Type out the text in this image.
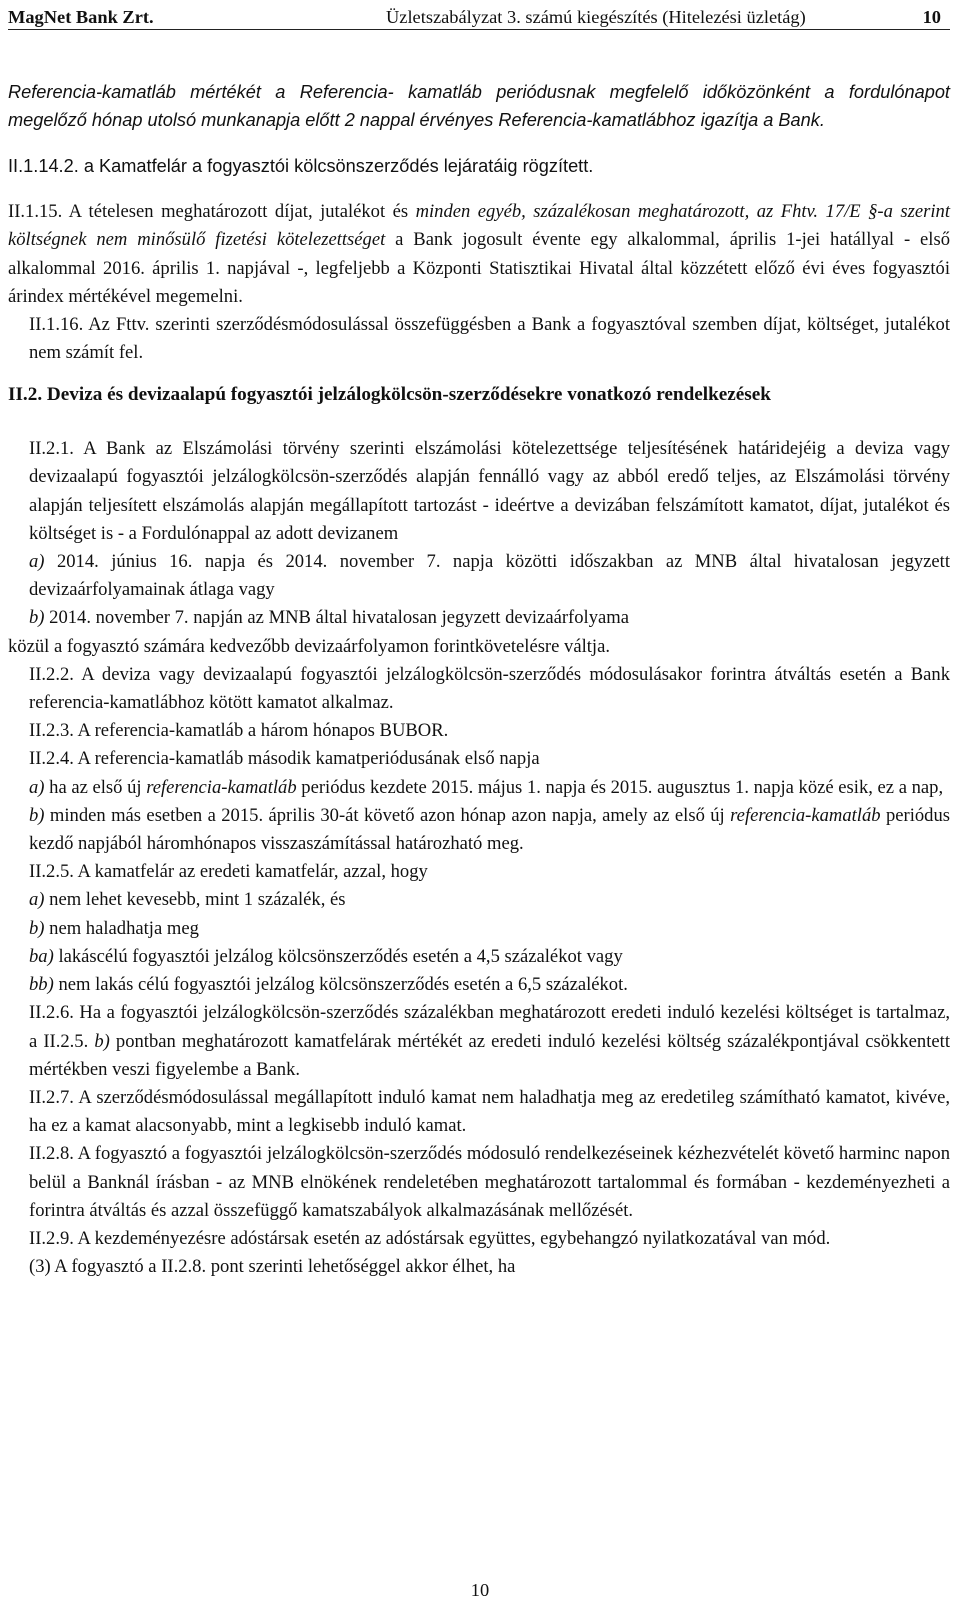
MagNet Bank Zrt.	Üzletszabályzat 3. számú kiegészítés (Hitelezési üzletág)	10

Referencia-kamatláb mértékét a Referencia- kamatláb periódusnak megfelelő időközönként a fordulónapot megelőző hónap utolsó munkanapja előtt 2 nappal érvényes Referencia-kamatlábhoz igazítja a Bank.

II.1.14.2. a Kamatfelár a fogyasztói kölcsönszerződés lejáratáig rögzített.

II.1.15. A tételesen meghatározott díjat, jutalékot és minden egyéb, százalékosan meghatározott, az Fhtv. 17/E §-a szerint költségnek nem minősülő fizetési kötelezettséget a Bank jogosult évente egy alkalommal, április 1-jei hatállyal - első alkalommal 2016. április 1. napjával -, legfeljebb a Központi Statisztikai Hivatal által közzétett előző évi éves fogyasztói árindex mértékével megemelni.

II.1.16. Az Fttv. szerinti szerződésmódosulással összefüggésben a Bank a fogyasztóval szemben díjat, költséget, jutalékot nem számít fel.

II.2. Deviza és devizaalapú fogyasztói jelzálogkölcsön-szerződésekre vonatkozó rendelkezések

II.2.1. A Bank az Elszámolási törvény szerinti elszámolási kötelezettsége teljesítésének határidejéig a deviza vagy devizaalapú fogyasztói jelzálogkölcsön-szerződés alapján fennálló vagy az abból eredő teljes, az Elszámolási törvény alapján teljesített elszámolás alapján megállapított tartozást - ideértve a devizában felszámított kamatot, díjat, jutalékot és költséget is - a Fordulónappal az adott devizanem

a) 2014. június 16. napja és 2014. november 7. napja közötti időszakban az MNB által hivatalosan jegyzett devizaárfolyamainak átlaga vagy

b) 2014. november 7. napján az MNB által hivatalosan jegyzett devizaárfolyama

közül a fogyasztó számára kedvezőbb devizaárfolyamon forintkövetelésre váltja.

II.2.2. A deviza vagy devizaalapú fogyasztói jelzálogkölcsön-szerződés módosulásakor forintra átváltás esetén a Bank referencia-kamatlábhoz kötött kamatot alkalmaz.

II.2.3. A referencia-kamatláb a három hónapos BUBOR.

II.2.4. A referencia-kamatláb második kamatperiódusának első napja

a) ha az első új referencia-kamatláb periódus kezdete 2015. május 1. napja és 2015. augusztus 1. napja közé esik, ez a nap,

b) minden más esetben a 2015. április 30-át követő azon hónap azon napja, amely az első új referencia-kamatláb periódus kezdő napjából háromhónapos visszaszámítással határozható meg.

II.2.5. A kamatfelár az eredeti kamatfelár, azzal, hogy

a) nem lehet kevesebb, mint 1 százalék, és

b) nem haladhatja meg

ba) lakáscélú fogyasztói jelzálog kölcsönszerződés esetén a 4,5 százalékot vagy

bb) nem lakás célú fogyasztói jelzálog kölcsönszerződés esetén a 6,5 százalékot.

II.2.6. Ha a fogyasztói jelzálogkölcsön-szerződés százalékban meghatározott eredeti induló kezelési költséget is tartalmaz, a II.2.5. b) pontban meghatározott kamatfelárak mértékét az eredeti induló kezelési költség százalékpontjával csökkentett mértékben veszi figyelembe a Bank.

II.2.7. A szerződésmódosulással megállapított induló kamat nem haladhatja meg az eredetileg számítható kamatot, kivéve, ha ez a kamat alacsonyabb, mint a legkisebb induló kamat.

II.2.8. A fogyasztó a fogyasztói jelzálogkölcsön-szerződés módosuló rendelkezéseinek kézhezvételét követő harminc napon belül a Banknál írásban - az MNB elnökének rendeletében meghatározott tartalommal és formában - kezdeményezheti a forintra átváltás és azzal összefüggő kamatszabályok alkalmazásának mellőzését.

II.2.9. A kezdeményezésre adóstársak esetén az adóstársak együttes, egybehangzó nyilatkozatával van mód.

(3) A fogyasztó a II.2.8. pont szerinti lehetőséggel akkor élhet, ha

10
